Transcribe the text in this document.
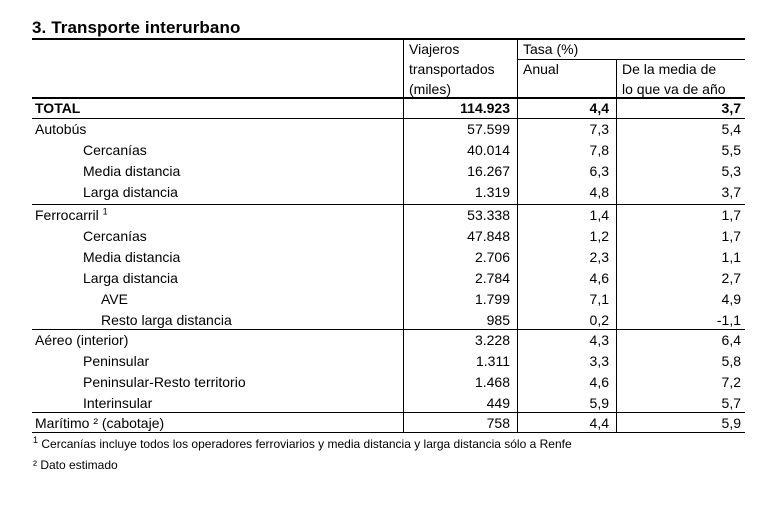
3. Transporte interurbano
Viajeros
transportados
(miles)
Tasa (%)
Anual	De la media de
lo que va de año
TOTAL	114.923	4,4	3,7
Autobús	57.599	7,3	5,4
Cercanías	40.014	7,8	5,5
Media distancia	16.267	6,3	5,3
Larga distancia	1.319	4,8	3,7
Ferrocarril $^1$	53.338	1,4	1,7
Cercanías	47.848	1,2	1,7
Media distancia	2.706	2,3	1,1
Larga distancia	2.784	4,6	2,7
AVE	1.799	7,1	4,9
Resto larga distancia	985	0,2	-1,1
Aéreo (interior)	3.228	4,3	6,4
Peninsular	1.311	3,3	5,8
Peninsular-Resto territorio	1.468	4,6	7,2
Interinsular	449	5,9	5,7
Marítimo ² (cabotaje)	758	4,4	5,9
$^1$ Cercanías incluye todos los operadores ferroviarios y media distancia y larga distancia sólo a Renfe
² Dato estimado
